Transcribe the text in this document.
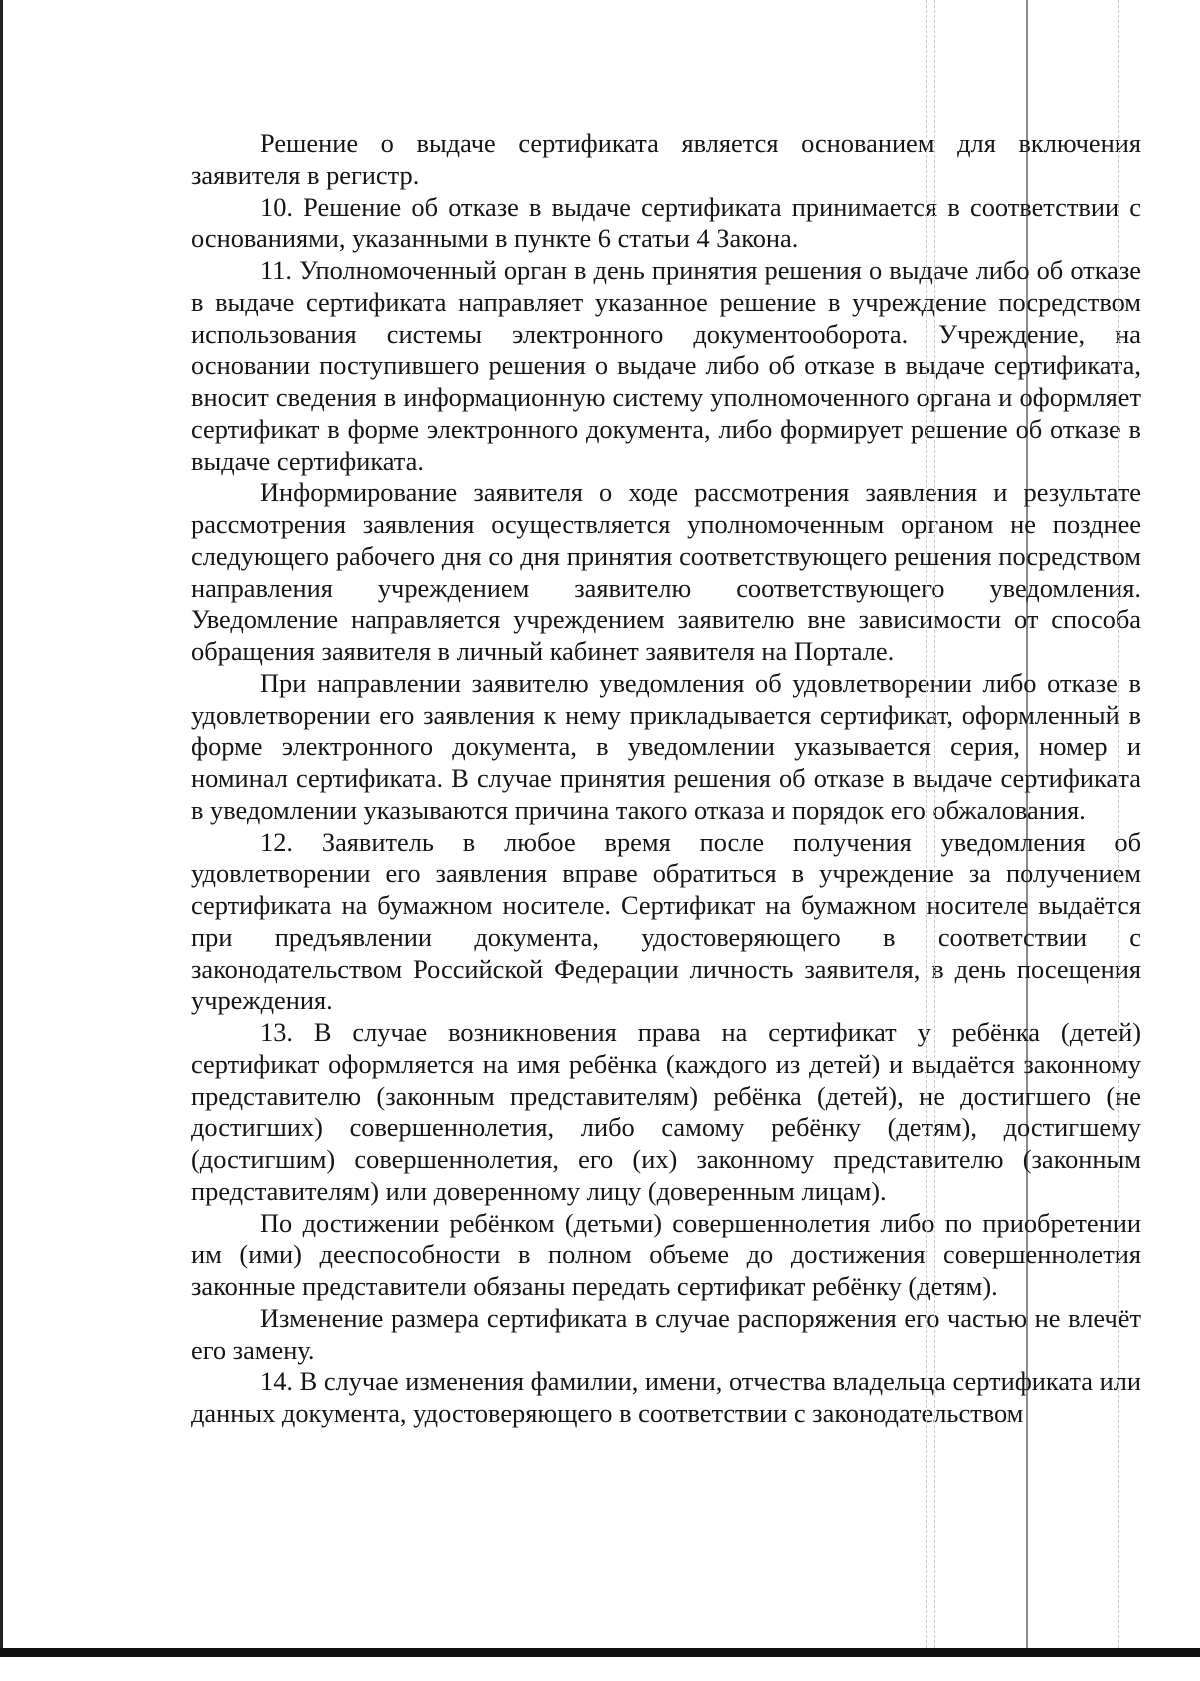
Решение о выдаче сертификата является основанием для включения заявителя в регистр.

10. Решение об отказе в выдаче сертификата принимается в соответствии с основаниями, указанными в пункте 6 статьи 4 Закона.

11. Уполномоченный орган в день принятия решения о выдаче либо об отказе в выдаче сертификата направляет указанное решение в учреждение посредством использования системы электронного документооборота. Учреждение, на основании поступившего решения о выдаче либо об отказе в выдаче сертификата, вносит сведения в информационную систему уполномоченного органа и оформляет сертификат в форме электронного документа, либо формирует решение об отказе в выдаче сертификата.

Информирование заявителя о ходе рассмотрения заявления и результате рассмотрения заявления осуществляется уполномоченным органом не позднее следующего рабочего дня со дня принятия соответствующего решения посредством направления учреждением заявителю соответствующего уведомления. Уведомление направляется учреждением заявителю вне зависимости от способа обращения заявителя в личный кабинет заявителя на Портале.

При направлении заявителю уведомления об удовлетворении либо отказе в удовлетворении его заявления к нему прикладывается сертификат, оформленный в форме электронного документа, в уведомлении указывается серия, номер и номинал сертификата. В случае принятия решения об отказе в выдаче сертификата в уведомлении указываются причина такого отказа и порядок его обжалования.

12. Заявитель в любое время после получения уведомления об удовлетворении его заявления вправе обратиться в учреждение за получением сертификата на бумажном носителе. Сертификат на бумажном носителе выдаётся при предъявлении документа, удостоверяющего в соответствии с законодательством Российской Федерации личность заявителя, в день посещения учреждения.

13. В случае возникновения права на сертификат у ребёнка (детей) сертификат оформляется на имя ребёнка (каждого из детей) и выдаётся законному представителю (законным представителям) ребёнка (детей), не достигшего (не достигших) совершеннолетия, либо самому ребёнку (детям), достигшему (достигшим) совершеннолетия, его (их) законному представителю (законным представителям) или доверенному лицу (доверенным лицам).

По достижении ребёнком (детьми) совершеннолетия либо по приобретении им (ими) дееспособности в полном объеме до достижения совершеннолетия законные представители обязаны передать сертификат ребёнку (детям).

Изменение размера сертификата в случае распоряжения его частью не влечёт его замену.

14. В случае изменения фамилии, имени, отчества владельца сертификата или данных документа, удостоверяющего в соответствии с законодательством
